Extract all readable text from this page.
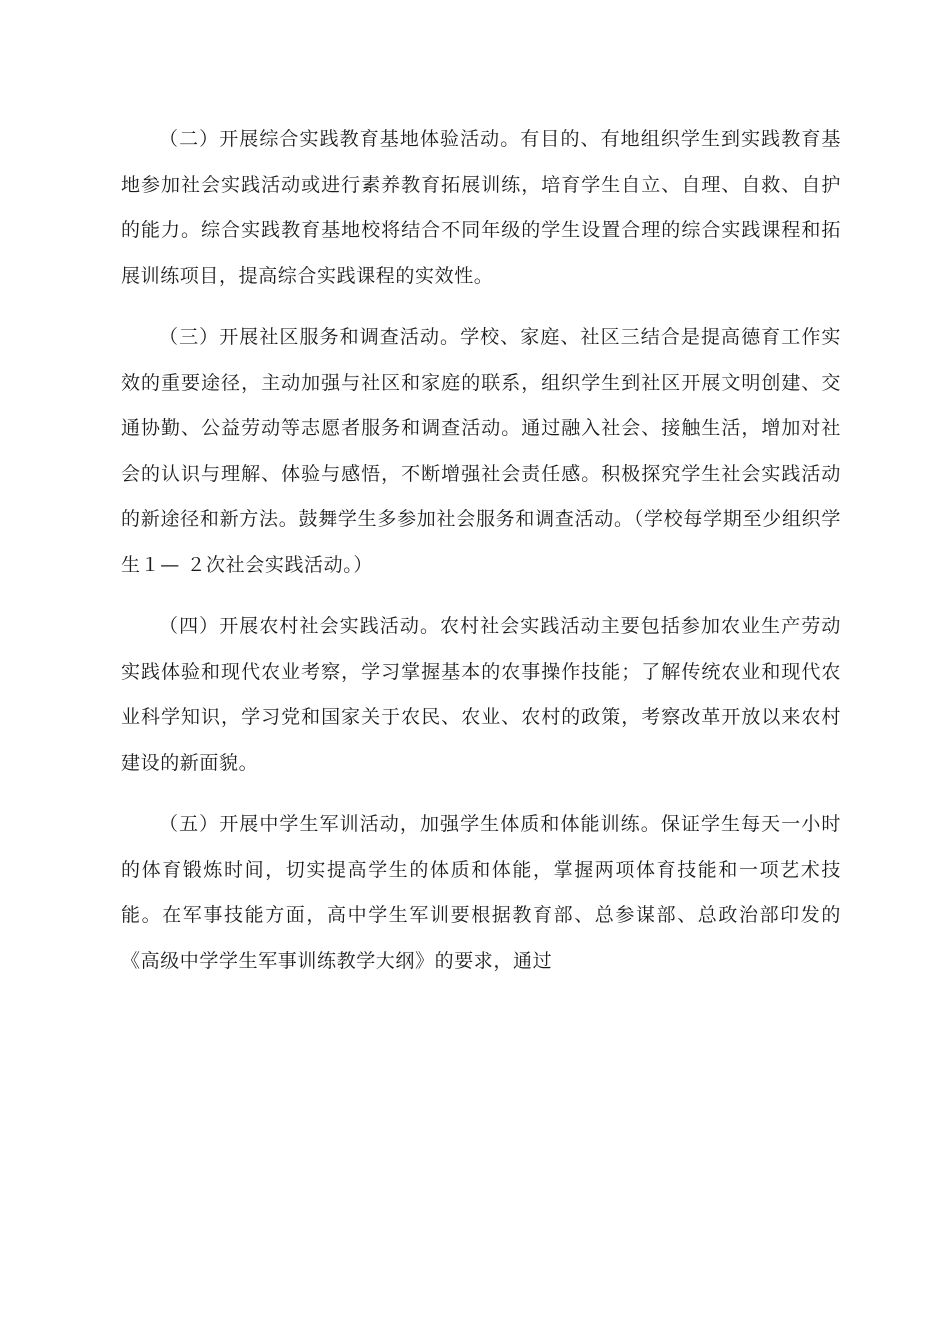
（二）开展综合实践教育基地体验活动。有目的、有地组织学生到实践教育基地参加社会实践活动或进行素养教育拓展训练，培育学生自立、自理、自救、自护的能力。综合实践教育基地校将结合不同年级的学生设置合理的综合实践课程和拓展训练项目，提高综合实践课程的实效性。

（三）开展社区服务和调查活动。学校、家庭、社区三结合是提高德育工作实效的重要途径，主动加强与社区和家庭的联系，组织学生到社区开展文明创建、交通协勤、公益劳动等志愿者服务和调查活动。通过融入社会、接触生活，增加对社会的认识与理解、体验与感悟，不断增强社会责任感。积极探究学生社会实践活动的新途径和新方法。鼓舞学生多参加社会服务和调查活动。（学校每学期至少组织学生１— ２次社会实践活动。）

（四）开展农村社会实践活动。农村社会实践活动主要包括参加农业生产劳动实践体验和现代农业考察，学习掌握基本的农事操作技能；了解传统农业和现代农业科学知识，学习党和国家关于农民、农业、农村的政策，考察改革开放以来农村建设的新面貌。

（五）开展中学生军训活动，加强学生体质和体能训练。保证学生每天一小时的体育锻炼时间，切实提高学生的体质和体能，掌握两项体育技能和一项艺术技能。在军事技能方面，高中学生军训要根据教育部、总参谋部、总政治部印发的《高级中学学生军事训练教学大纲》的要求，通过
